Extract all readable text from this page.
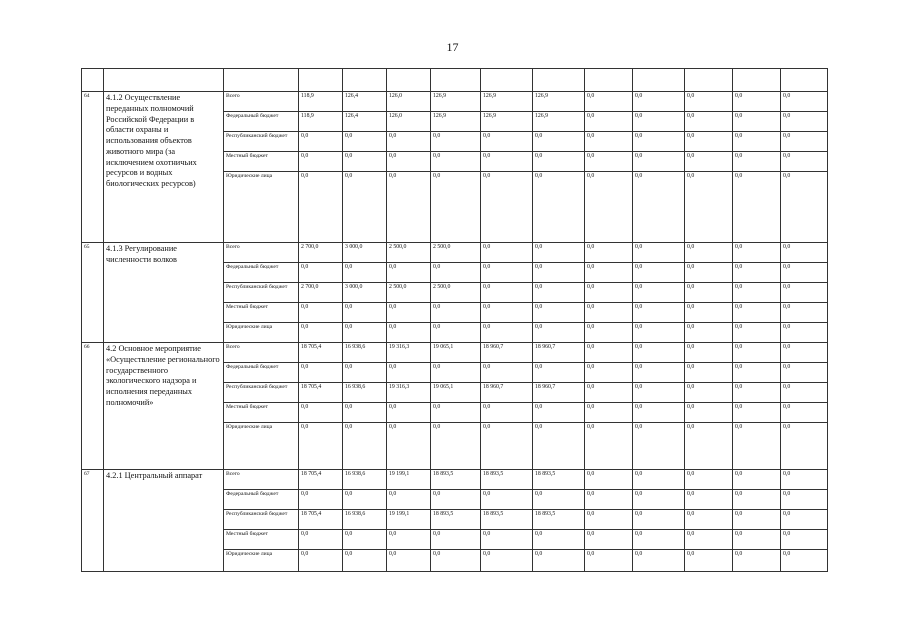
17

64	4.1.2 Осуществление переданных полномочий Российской Федерации в области охраны и использования объектов животного мира (за исключением охотничьих ресурсов и водных биологических ресурсов)	Всего	118,9	126,4	126,0	126,9	126,9	126,9	0,0	0,0	0,0	0,0	0,0
		Федеральный бюджет	118,9	126,4	126,0	126,9	126,9	126,9	0,0	0,0	0,0	0,0	0,0
		Республиканский бюджет	0,0	0,0	0,0	0,0	0,0	0,0	0,0	0,0	0,0	0,0	0,0
		Местный бюджет	0,0	0,0	0,0	0,0	0,0	0,0	0,0	0,0	0,0	0,0	0,0
		Юридические лица	0,0	0,0	0,0	0,0	0,0	0,0	0,0	0,0	0,0	0,0	0,0
65	4.1.3 Регулирование численности волков	Всего	2 700,0	3 000,0	2 500,0	2 500,0	0,0	0,0	0,0	0,0	0,0	0,0	0,0
		Федеральный бюджет	0,0	0,0	0,0	0,0	0,0	0,0	0,0	0,0	0,0	0,0	0,0
		Республиканский бюджет	2 700,0	3 000,0	2 500,0	2 500,0	0,0	0,0	0,0	0,0	0,0	0,0	0,0
		Местный бюджет	0,0	0,0	0,0	0,0	0,0	0,0	0,0	0,0	0,0	0,0	0,0
		Юридические лица	0,0	0,0	0,0	0,0	0,0	0,0	0,0	0,0	0,0	0,0	0,0
66	4.2 Основное мероприятие «Осуществление регионального государственного экологического надзора и исполнения переданных полномочий»	Всего	18 705,4	16 938,6	19 316,3	19 065,1	18 960,7	18 960,7	0,0	0,0	0,0	0,0	0,0
		Федеральный бюджет	0,0	0,0	0,0	0,0	0,0	0,0	0,0	0,0	0,0	0,0	0,0
		Республиканский бюджет	18 705,4	16 938,6	19 316,3	19 065,1	18 960,7	18 960,7	0,0	0,0	0,0	0,0	0,0
		Местный бюджет	0,0	0,0	0,0	0,0	0,0	0,0	0,0	0,0	0,0	0,0	0,0
		Юридические лица	0,0	0,0	0,0	0,0	0,0	0,0	0,0	0,0	0,0	0,0	0,0
67	4.2.1 Центральный аппарат	Всего	18 705,4	16 938,6	19 199,1	18 893,5	18 893,5	18 893,5	0,0	0,0	0,0	0,0	0,0
		Федеральный бюджет	0,0	0,0	0,0	0,0	0,0	0,0	0,0	0,0	0,0	0,0	0,0
		Республиканский бюджет	18 705,4	16 938,6	19 199,1	18 893,5	18 893,5	18 893,5	0,0	0,0	0,0	0,0	0,0
		Местный бюджет	0,0	0,0	0,0	0,0	0,0	0,0	0,0	0,0	0,0	0,0	0,0
		Юридические лица	0,0	0,0	0,0	0,0	0,0	0,0	0,0	0,0	0,0	0,0	0,0
